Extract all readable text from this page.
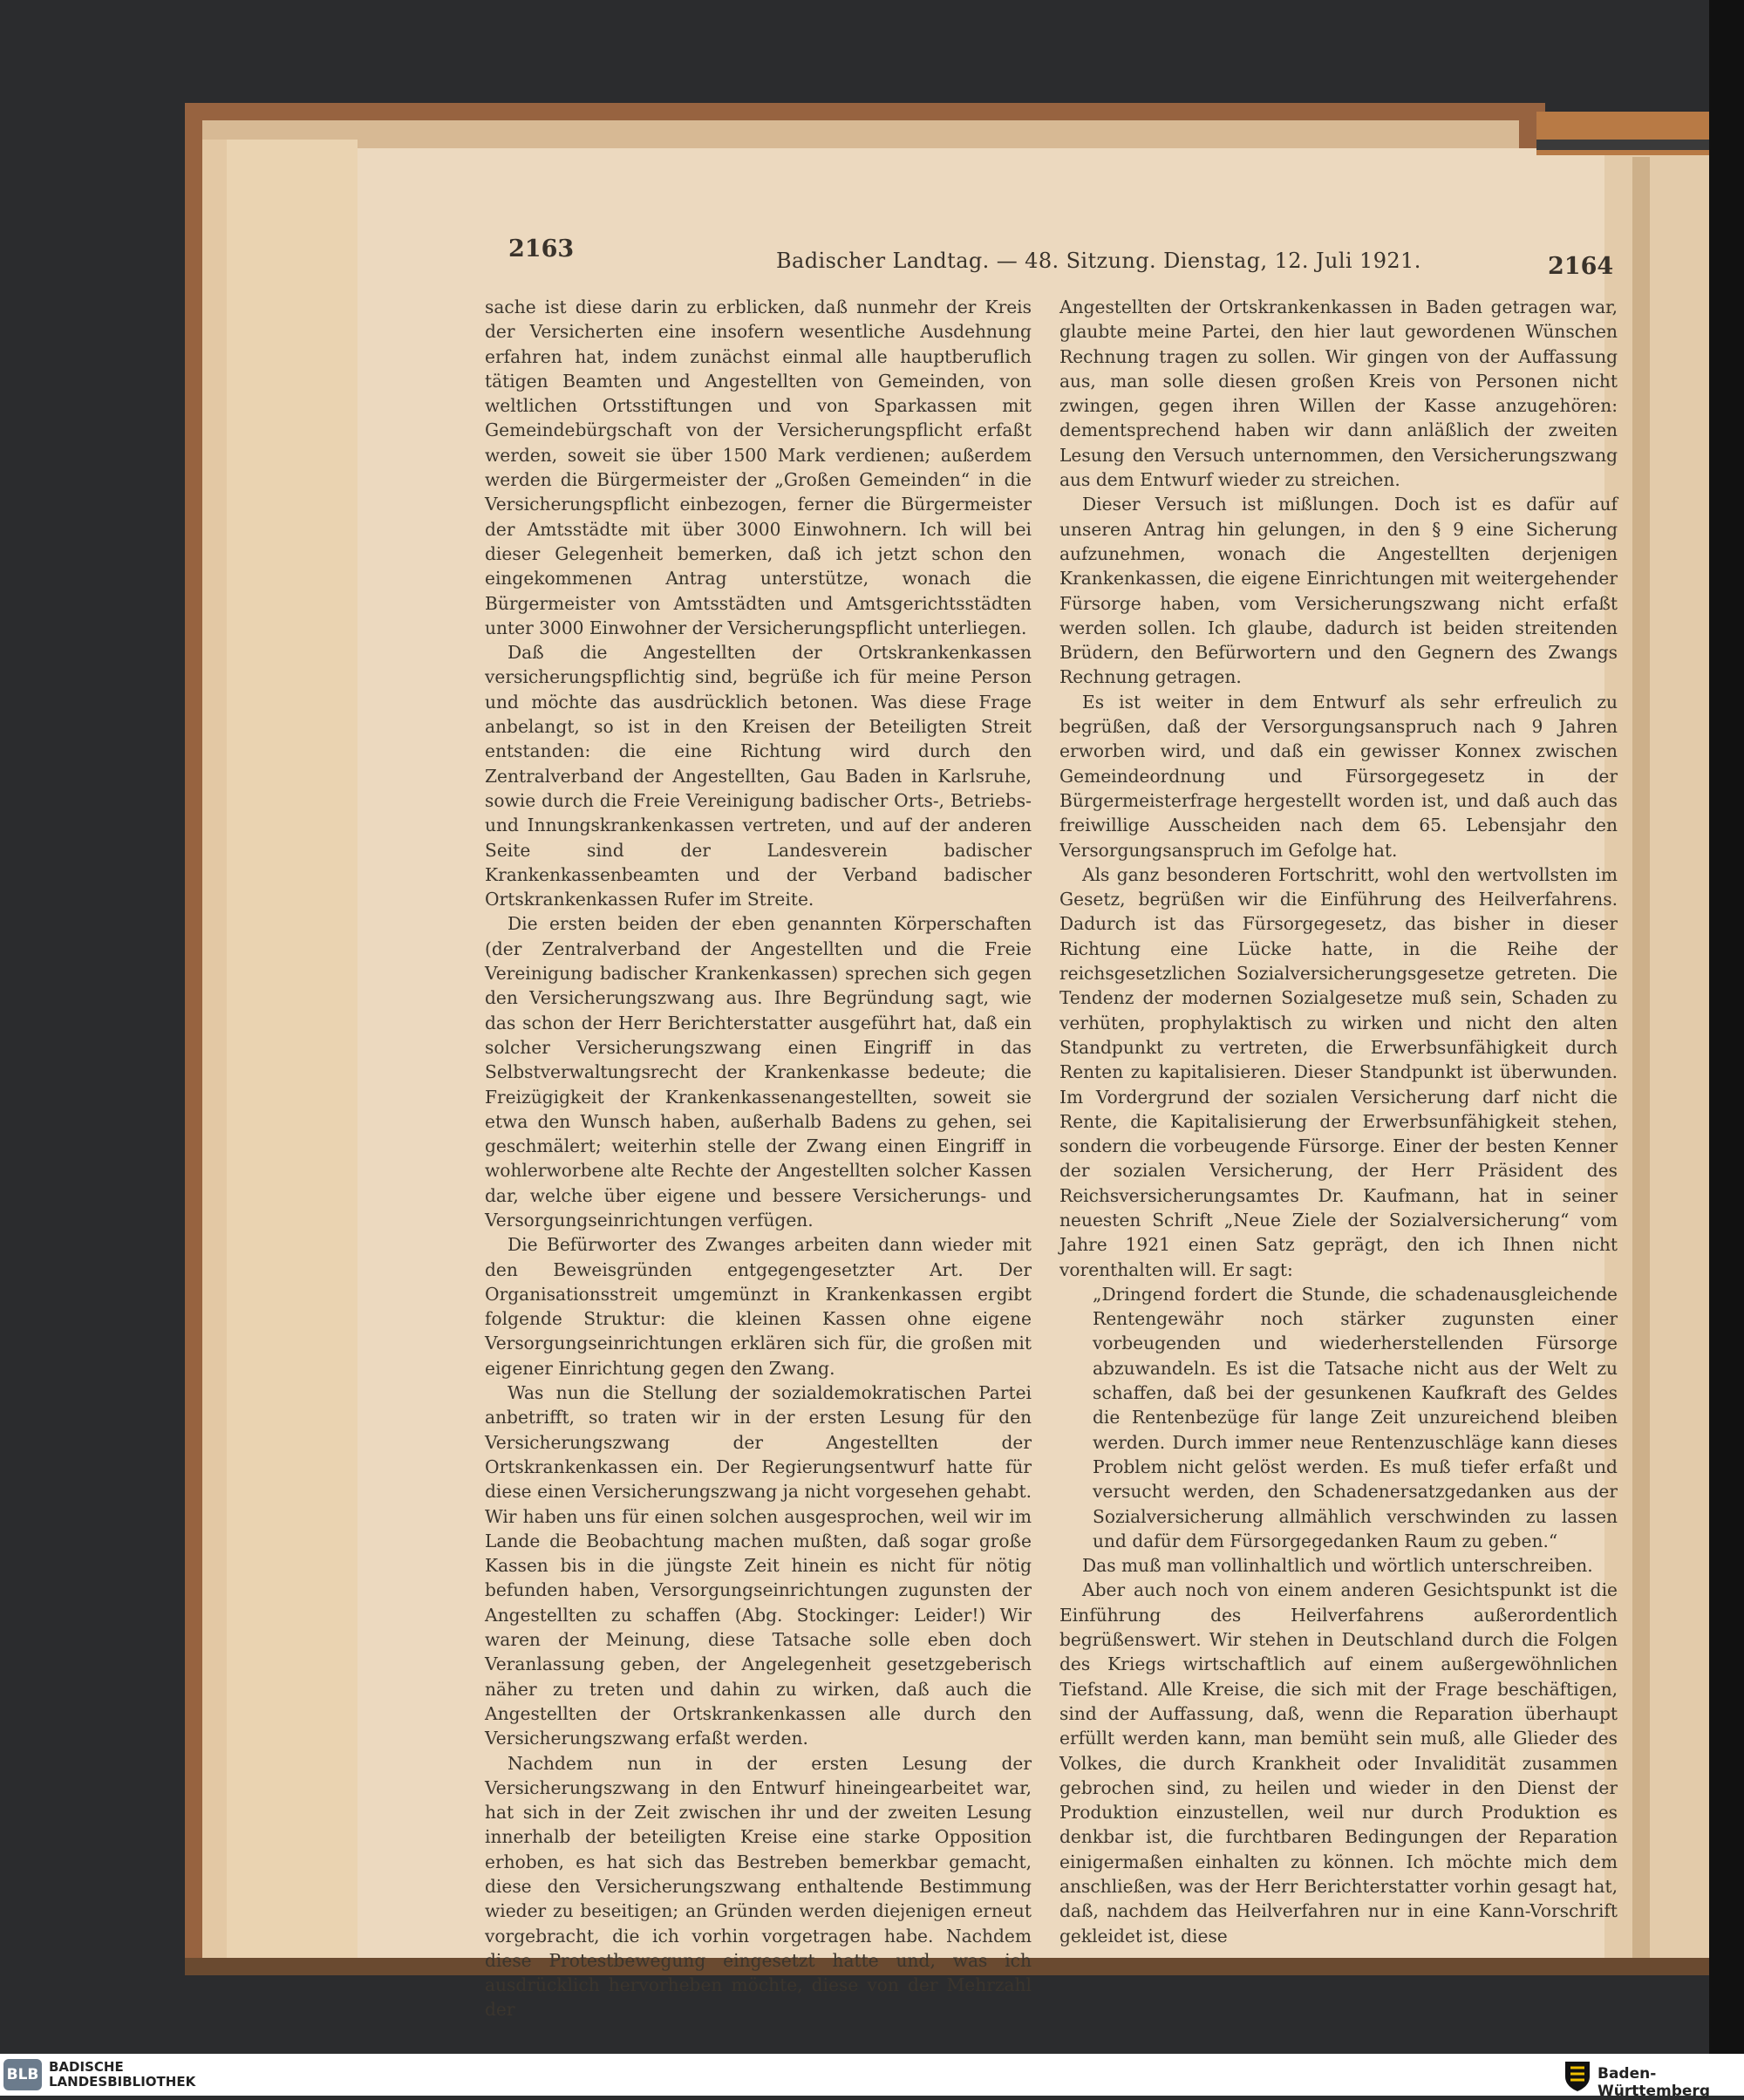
2163	Badischer Landtag. — 48. Sitzung. Dienstag, 12. Juli 1921.	2164

sache ist diese darin zu erblicken, daß nunmehr der Kreis der Versicherten eine insofern wesentliche Ausdehnung erfahren hat, indem zunächst einmal alle hauptberuflich tätigen Beamten und Angestellten von Gemeinden, von weltlichen Ortsstiftungen und von Sparkassen mit Gemeindebürgschaft von der Versicherungspflicht erfaßt werden, soweit sie über 1500 Mark verdienen; außerdem werden die Bürgermeister der „Großen Gemeinden“ in die Versicherungspflicht einbezogen, ferner die Bürgermeister der Amtsstädte mit über 3000 Einwohnern. Ich will bei dieser Gelegenheit bemerken, daß ich jetzt schon den eingekommenen Antrag unterstütze, wonach die Bürgermeister von Amtsstädten und Amtsgerichtsstädten unter 3000 Einwohner der Versicherungspflicht unterliegen.

Daß die Angestellten der Ortskrankenkassen versicherungspflichtig sind, begrüße ich für meine Person und möchte das ausdrücklich betonen. Was diese Frage anbelangt, so ist in den Kreisen der Beteiligten Streit entstanden: die eine Richtung wird durch den Zentralverband der Angestellten, Gau Baden in Karlsruhe, sowie durch die Freie Vereinigung badischer Orts-, Betriebs- und Innungskrankenkassen vertreten, und auf der anderen Seite sind der Landesverein badischer Krankenkassenbeamten und der Verband badischer Ortskrankenkassen Rufer im Streite.

Die ersten beiden der eben genannten Körperschaften (der Zentralverband der Angestellten und die Freie Vereinigung badischer Krankenkassen) sprechen sich gegen den Versicherungszwang aus. Ihre Begründung sagt, wie das schon der Herr Berichterstatter ausgeführt hat, daß ein solcher Versicherungszwang einen Eingriff in das Selbstverwaltungsrecht der Krankenkasse bedeute; die Freizügigkeit der Krankenkassenangestellten, soweit sie etwa den Wunsch haben, außerhalb Badens zu gehen, sei geschmälert; weiterhin stelle der Zwang einen Eingriff in wohlerworbene alte Rechte der Angestellten solcher Kassen dar, welche über eigene und bessere Versicherungs- und Versorgungseinrichtungen verfügen.

Die Befürworter des Zwanges arbeiten dann wieder mit den Beweisgründen entgegengesetzter Art. Der Organisationsstreit umgemünzt in Krankenkassen ergibt folgende Struktur: die kleinen Kassen ohne eigene Versorgungseinrichtungen erklären sich für, die großen mit eigener Einrichtung gegen den Zwang.

Was nun die Stellung der sozialdemokratischen Partei anbetrifft, so traten wir in der ersten Lesung für den Versicherungszwang der Angestellten der Ortskrankenkassen ein. Der Regierungsentwurf hatte für diese einen Versicherungszwang ja nicht vorgesehen gehabt. Wir haben uns für einen solchen ausgesprochen, weil wir im Lande die Beobachtung machen mußten, daß sogar große Kassen bis in die jüngste Zeit hinein es nicht für nötig befunden haben, Versorgungseinrichtungen zugunsten der Angestellten zu schaffen (Abg. Stockinger: Leider!) Wir waren der Meinung, diese Tatsache solle eben doch Veranlassung geben, der Angelegenheit gesetzgeberisch näher zu treten und dahin zu wirken, daß auch die Angestellten der Ortskrankenkassen alle durch den Versicherungszwang erfaßt werden.

Nachdem nun in der ersten Lesung der Versicherungszwang in den Entwurf hineingearbeitet war, hat sich in der Zeit zwischen ihr und der zweiten Lesung innerhalb der beteiligten Kreise eine starke Opposition erhoben, es hat sich das Bestreben bemerkbar gemacht, diese den Versicherungszwang enthaltende Bestimmung wieder zu beseitigen; an Gründen werden diejenigen erneut vorgebracht, die ich vorhin vorgetragen habe. Nachdem diese Protestbewegung eingesetzt hatte und, was ich ausdrücklich hervorheben möchte, diese von der Mehrzahl der

Angestellten der Ortskrankenkassen in Baden getragen war, glaubte meine Partei, den hier laut gewordenen Wünschen Rechnung tragen zu sollen. Wir gingen von der Auffassung aus, man solle diesen großen Kreis von Personen nicht zwingen, gegen ihren Willen der Kasse anzugehören: dementsprechend haben wir dann anläßlich der zweiten Lesung den Versuch unternommen, den Versicherungszwang aus dem Entwurf wieder zu streichen.

Dieser Versuch ist mißlungen. Doch ist es dafür auf unseren Antrag hin gelungen, in den § 9 eine Sicherung aufzunehmen, wonach die Angestellten derjenigen Krankenkassen, die eigene Einrichtungen mit weitergehender Fürsorge haben, vom Versicherungszwang nicht erfaßt werden sollen. Ich glaube, dadurch ist beiden streitenden Brüdern, den Befürwortern und den Gegnern des Zwangs Rechnung getragen.

Es ist weiter in dem Entwurf als sehr erfreulich zu begrüßen, daß der Versorgungsanspruch nach 9 Jahren erworben wird, und daß ein gewisser Konnex zwischen Gemeindeordnung und Fürsorgegesetz in der Bürgermeisterfrage hergestellt worden ist, und daß auch das freiwillige Ausscheiden nach dem 65. Lebensjahr den Versorgungsanspruch im Gefolge hat.

Als ganz besonderen Fortschritt, wohl den wertvollsten im Gesetz, begrüßen wir die Einführung des Heilverfahrens. Dadurch ist das Fürsorgegesetz, das bisher in dieser Richtung eine Lücke hatte, in die Reihe der reichsgesetzlichen Sozialversicherungsgesetze getreten. Die Tendenz der modernen Sozialgesetze muß sein, Schaden zu verhüten, prophylaktisch zu wirken und nicht den alten Standpunkt zu vertreten, die Erwerbsunfähigkeit durch Renten zu kapitalisieren. Dieser Standpunkt ist überwunden. Im Vordergrund der sozialen Versicherung darf nicht die Rente, die Kapitalisierung der Erwerbsunfähigkeit stehen, sondern die vorbeugende Fürsorge. Einer der besten Kenner der sozialen Versicherung, der Herr Präsident des Reichsversicherungsamtes Dr. Kaufmann, hat in seiner neuesten Schrift „Neue Ziele der Sozialversicherung“ vom Jahre 1921 einen Satz geprägt, den ich Ihnen nicht vorenthalten will. Er sagt:

„Dringend fordert die Stunde, die schadenausgleichende Rentengewähr noch stärker zugunsten einer vorbeugenden und wiederherstellenden Fürsorge abzuwandeln. Es ist die Tatsache nicht aus der Welt zu schaffen, daß bei der gesunkenen Kaufkraft des Geldes die Rentenbezüge für lange Zeit unzureichend bleiben werden. Durch immer neue Rentenzuschläge kann dieses Problem nicht gelöst werden. Es muß tiefer erfaßt und versucht werden, den Schadenersatzgedanken aus der Sozialversicherung allmählich verschwinden zu lassen und dafür dem Fürsorgegedanken Raum zu geben.“

Das muß man vollinhaltlich und wörtlich unterschreiben.

Aber auch noch von einem anderen Gesichtspunkt ist die Einführung des Heilverfahrens außerordentlich begrüßenswert. Wir stehen in Deutschland durch die Folgen des Kriegs wirtschaftlich auf einem außergewöhnlichen Tiefstand. Alle Kreise, die sich mit der Frage beschäftigen, sind der Auffassung, daß, wenn die Reparation überhaupt erfüllt werden kann, man bemüht sein muß, alle Glieder des Volkes, die durch Krankheit oder Invalidität zusammen gebrochen sind, zu heilen und wieder in den Dienst der Produktion einzustellen, weil nur durch Produktion es denkbar ist, die furchtbaren Bedingungen der Reparation einigermaßen einhalten zu können. Ich möchte mich dem anschließen, was der Herr Berichterstatter vorhin gesagt hat, daß, nachdem das Heilverfahren nur in eine Kann-Vorschrift gekleidet ist, diese

BLB BADISCHE
LANDESBIBLIOTHEK	Baden-Württemberg
